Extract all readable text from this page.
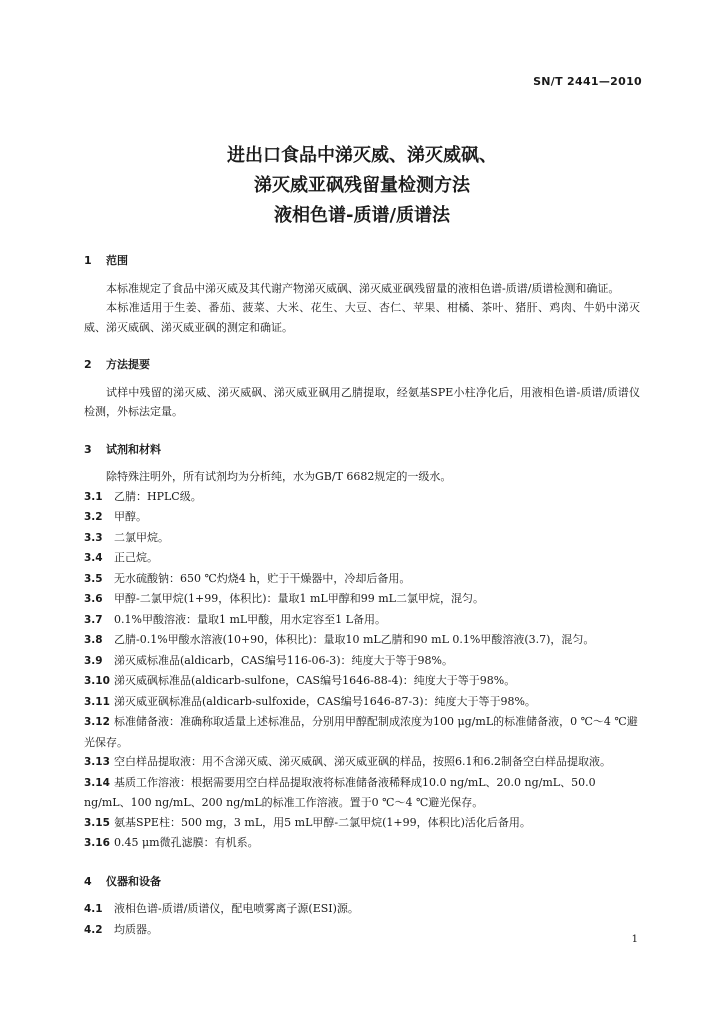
SN/T 2441—2010
进出口食品中涕灭威、涕灭威砜、
涕灭威亚砜残留量检测方法
液相色谱-质谱/质谱法
1 范围
本标准规定了食品中涕灭威及其代谢产物涕灭威砜、涕灭威亚砜残留量的液相色谱-质谱/质谱检测和确证。
本标准适用于生姜、番茄、菠菜、大米、花生、大豆、杏仁、苹果、柑橘、茶叶、猪肝、鸡肉、牛奶中涕灭威、涕灭威砜、涕灭威亚砜的测定和确证。
2 方法提要
试样中残留的涕灭威、涕灭威砜、涕灭威亚砜用乙腈提取，经氨基SPE小柱净化后，用液相色谱-质谱/质谱仪检测，外标法定量。
3 试剂和材料
除特殊注明外，所有试剂均为分析纯，水为GB/T 6682规定的一级水。
3.1 乙腈：HPLC级。
3.2 甲醇。
3.3 二氯甲烷。
3.4 正己烷。
3.5 无水硫酸钠：650 ℃灼烧4 h，贮于干燥器中，冷却后备用。
3.6 甲醇-二氯甲烷(1+99，体积比)：量取1 mL甲醇和99 mL二氯甲烷，混匀。
3.7 0.1%甲酸溶液：量取1 mL甲酸，用水定容至1 L备用。
3.8 乙腈-0.1%甲酸水溶液(10+90，体积比)：量取10 mL乙腈和90 mL 0.1%甲酸溶液(3.7)，混匀。
3.9 涕灭威标准品(aldicarb，CAS编号116-06-3)：纯度大于等于98%。
3.10 涕灭威砜标准品(aldicarb-sulfone，CAS编号1646-88-4)：纯度大于等于98%。
3.11 涕灭威亚砜标准品(aldicarb-sulfoxide，CAS编号1646-87-3)：纯度大于等于98%。
3.12 标准储备液：准确称取适量上述标准品，分别用甲醇配制成浓度为100 μg/mL的标准储备液，0 ℃～4 ℃避光保存。
3.13 空白样品提取液：用不含涕灭威、涕灭威砜、涕灭威亚砜的样品，按照6.1和6.2制备空白样品提取液。
3.14 基质工作溶液：根据需要用空白样品提取液将标准储备液稀释成10.0 ng/mL、20.0 ng/mL、50.0 ng/mL、100 ng/mL、200 ng/mL的标准工作溶液。置于0 ℃～4 ℃避光保存。
3.15 氨基SPE柱：500 mg，3 mL，用5 mL甲醇-二氯甲烷(1+99，体积比)活化后备用。
3.16 0.45 μm微孔滤膜：有机系。
4 仪器和设备
4.1 液相色谱-质谱/质谱仪，配电喷雾离子源(ESI)源。
4.2 均质器。
1
